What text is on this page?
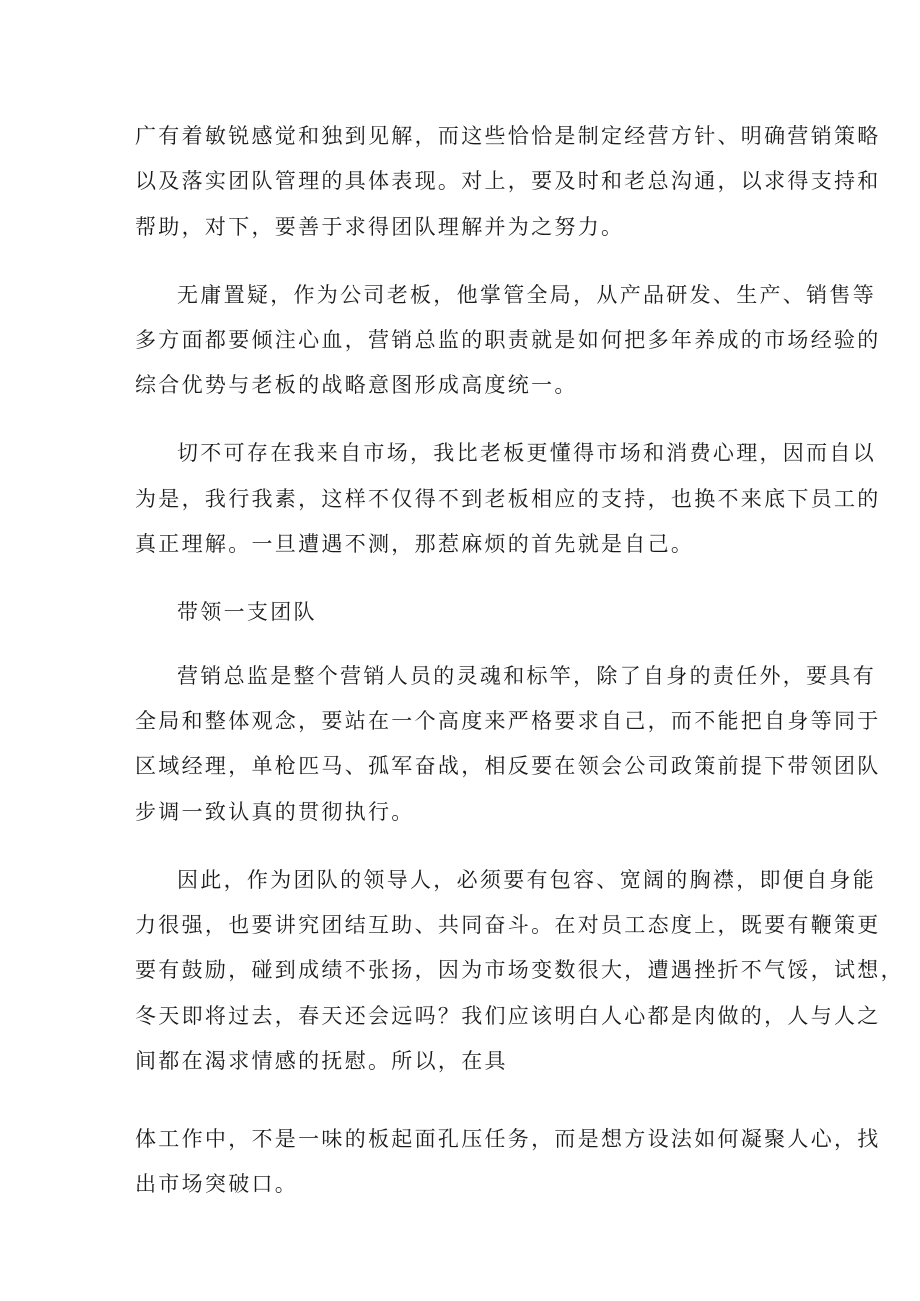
广有着敏锐感觉和独到见解，而这些恰恰是制定经营方针、明确营销策略
以及落实团队管理的具体表现。对上，要及时和老总沟通，以求得支持和
帮助，对下，要善于求得团队理解并为之努力。
无庸置疑，作为公司老板，他掌管全局，从产品研发、生产、销售等
多方面都要倾注心血，营销总监的职责就是如何把多年养成的市场经验的
综合优势与老板的战略意图形成高度统一。
切不可存在我来自市场，我比老板更懂得市场和消费心理，因而自以
为是，我行我素，这样不仅得不到老板相应的支持，也换不来底下员工的
真正理解。一旦遭遇不测，那惹麻烦的首先就是自己。
带领一支团队
营销总监是整个营销人员的灵魂和标竿，除了自身的责任外，要具有
全局和整体观念，要站在一个高度来严格要求自己，而不能把自身等同于
区域经理，单枪匹马、孤军奋战，相反要在领会公司政策前提下带领团队
步调一致认真的贯彻执行。
因此，作为团队的领导人，必须要有包容、宽阔的胸襟，即便自身能
力很强，也要讲究团结互助、共同奋斗。在对员工态度上，既要有鞭策更
要有鼓励，碰到成绩不张扬，因为市场变数很大，遭遇挫折不气馁，试想，
冬天即将过去，春天还会远吗？我们应该明白人心都是肉做的，人与人之
间都在渴求情感的抚慰。所以，在具
体工作中，不是一味的板起面孔压任务，而是想方设法如何凝聚人心，找
出市场突破口。
